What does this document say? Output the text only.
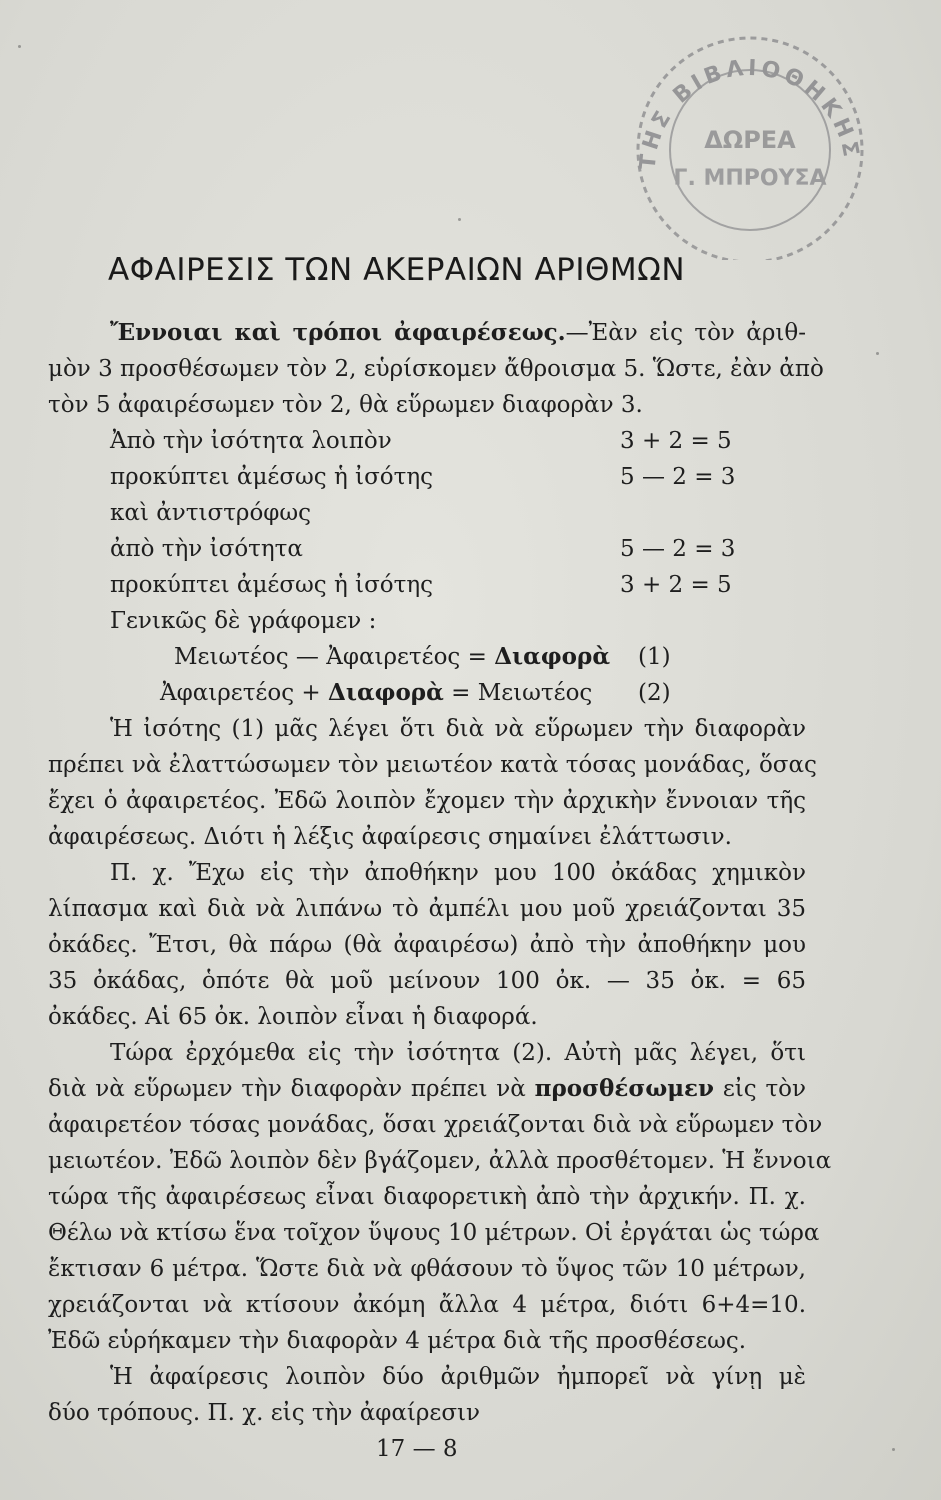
ΤΗΣ ΒΙΒΛΙΟΘΗΚΗΣ
ΔΩΡΕΑ
Γ. ΜΠΡΟΥΣΑ
ΑΦΑΙΡΕΣΙΣ ΤΩΝ ΑΚΕΡΑΙΩΝ ΑΡΙΘΜΩΝ
Ἔννοιαι καὶ τρόποι ἀφαιρέσεως.—Ἐὰν εἰς τὸν ἀριθ-
μὸν 3 προσθέσωμεν τὸν 2, εὑρίσκομεν ἄθροισμα 5. Ὥστε, ἐὰν ἀπὸ
τὸν 5 ἀφαιρέσωμεν τὸν 2, θὰ εὕρωμεν διαφορὰν 3.
Ἀπὸ τὴν ἰσότητα λοιπὸν	3 + 2 = 5
προκύπτει ἀμέσως ἡ ἰσότης	5 — 2 = 3
καὶ ἀντιστρόφως
ἀπὸ τὴν ἰσότητα	5 — 2 = 3
προκύπτει ἀμέσως ἡ ἰσότης	3 + 2 = 5
Γενικῶς δὲ γράφομεν :
Μειωτέος — Ἀφαιρετέος = Διαφορὰ (1)
Ἀφαιρετέος + Διαφορὰ = Μειωτέος (2)
Ἡ ἰσότης (1) μᾶς λέγει ὅτι διὰ νὰ εὕρωμεν τὴν διαφορὰν
πρέπει νὰ ἐλαττώσωμεν τὸν μειωτέον κατὰ τόσας μονάδας, ὅσας
ἔχει ὁ ἀφαιρετέος. Ἐδῶ λοιπὸν ἔχομεν τὴν ἀρχικὴν ἔννοιαν τῆς
ἀφαιρέσεως. Διότι ἡ λέξις ἀφαίρεσις σημαίνει ἐλάττωσιν.
Π. χ. Ἔχω εἰς τὴν ἀποθήκην μου 100 ὀκάδας χημικὸν
λίπασμα καὶ διὰ νὰ λιπάνω τὸ ἀμπέλι μου μοῦ χρειάζονται 35
ὀκάδες. Ἔτσι, θὰ πάρω (θὰ ἀφαιρέσω) ἀπὸ τὴν ἀποθήκην μου
35 ὀκάδας, ὁπότε θὰ μοῦ μείνουν 100 ὀκ. — 35 ὀκ. = 65
ὀκάδες. Αἱ 65 ὀκ. λοιπὸν εἶναι ἡ διαφορά.
Τώρα ἐρχόμεθα εἰς τὴν ἰσότητα (2). Αὐτὴ μᾶς λέγει, ὅτι
διὰ νὰ εὕρωμεν τὴν διαφορὰν πρέπει νὰ προσθέσωμεν εἰς τὸν
ἀφαιρετέον τόσας μονάδας, ὅσαι χρειάζονται διὰ νὰ εὕρωμεν τὸν
μειωτέον. Ἐδῶ λοιπὸν δὲν βγάζομεν, ἀλλὰ προσθέτομεν. Ἡ ἔννοια
τώρα τῆς ἀφαιρέσεως εἶναι διαφορετικὴ ἀπὸ τὴν ἀρχικήν. Π. χ.
Θέλω νὰ κτίσω ἕνα τοῖχον ὕψους 10 μέτρων. Οἱ ἐργάται ὡς τώρα
ἔκτισαν 6 μέτρα. Ὥστε διὰ νὰ φθάσουν τὸ ὕψος τῶν 10 μέτρων,
χρειάζονται νὰ κτίσουν ἀκόμη ἄλλα 4 μέτρα, διότι 6+4=10.
Ἐδῶ εὑρήκαμεν τὴν διαφορὰν 4 μέτρα διὰ τῆς προσθέσεως.
Ἡ ἀφαίρεσις λοιπὸν δύο ἀριθμῶν ἠμπορεῖ νὰ γίνῃ μὲ
δύο τρόπους. Π. χ. εἰς τὴν ἀφαίρεσιν
17 — 8
